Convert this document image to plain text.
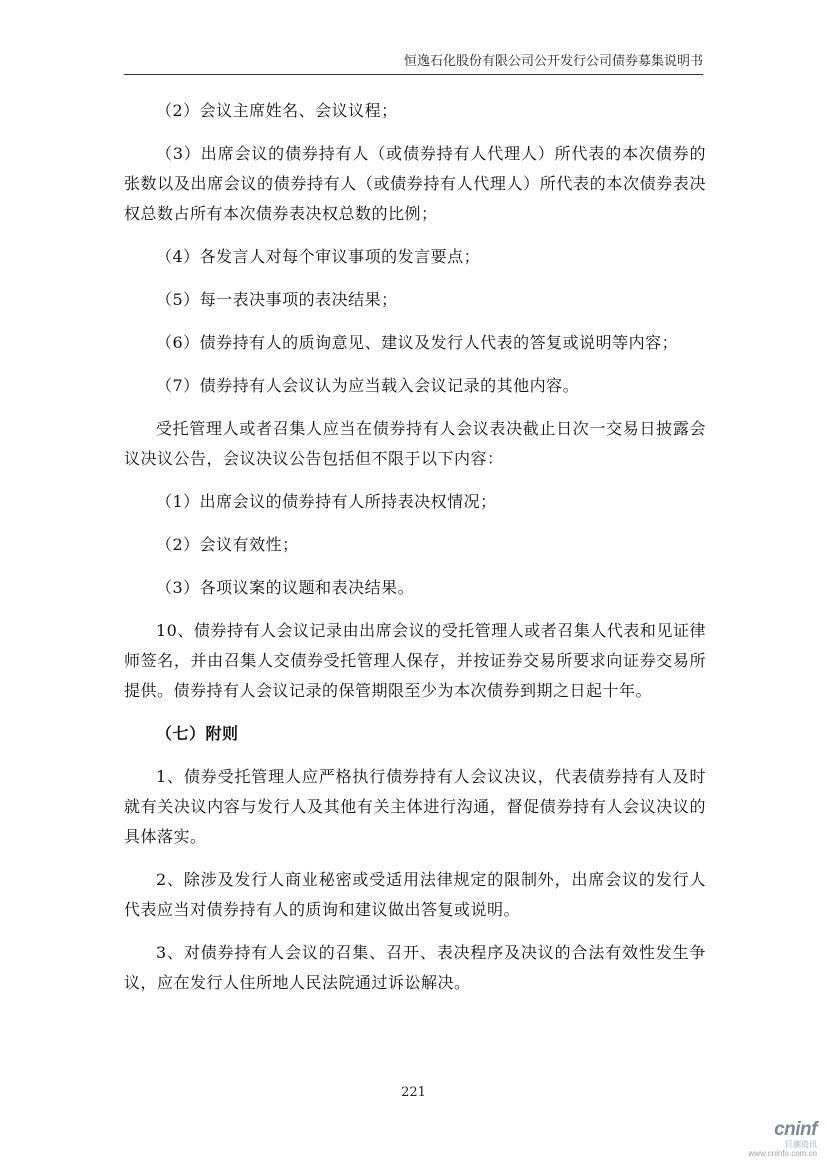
恒逸石化股份有限公司公开发行公司债券募集说明书

（2）会议主席姓名、会议议程；

（3）出席会议的债券持有人（或债券持有人代理人）所代表的本次债券的张数以及出席会议的债券持有人（或债券持有人代理人）所代表的本次债券表决权总数占所有本次债券表决权总数的比例；

（4）各发言人对每个审议事项的发言要点；

（5）每一表决事项的表决结果；

（6）债券持有人的质询意见、建议及发行人代表的答复或说明等内容；

（7）债券持有人会议认为应当载入会议记录的其他内容。

受托管理人或者召集人应当在债券持有人会议表决截止日次一交易日披露会议决议公告，会议决议公告包括但不限于以下内容：

（1）出席会议的债券持有人所持表决权情况；

（2）会议有效性；

（3）各项议案的议题和表决结果。

10、债券持有人会议记录由出席会议的受托管理人或者召集人代表和见证律师签名，并由召集人交债券受托管理人保存，并按证券交易所要求向证券交易所提供。债券持有人会议记录的保管期限至少为本次债券到期之日起十年。

（七）附则

1、债券受托管理人应严格执行债券持有人会议决议，代表债券持有人及时就有关决议内容与发行人及其他有关主体进行沟通，督促债券持有人会议决议的具体落实。

2、除涉及发行人商业秘密或受适用法律规定的限制外，出席会议的发行人代表应当对债券持有人的质询和建议做出答复或说明。

3、对债券持有人会议的召集、召开、表决程序及决议的合法有效性发生争议，应在发行人住所地人民法院通过诉讼解决。

221
cninf
巨潮资讯
www.cninfo.com.cn
